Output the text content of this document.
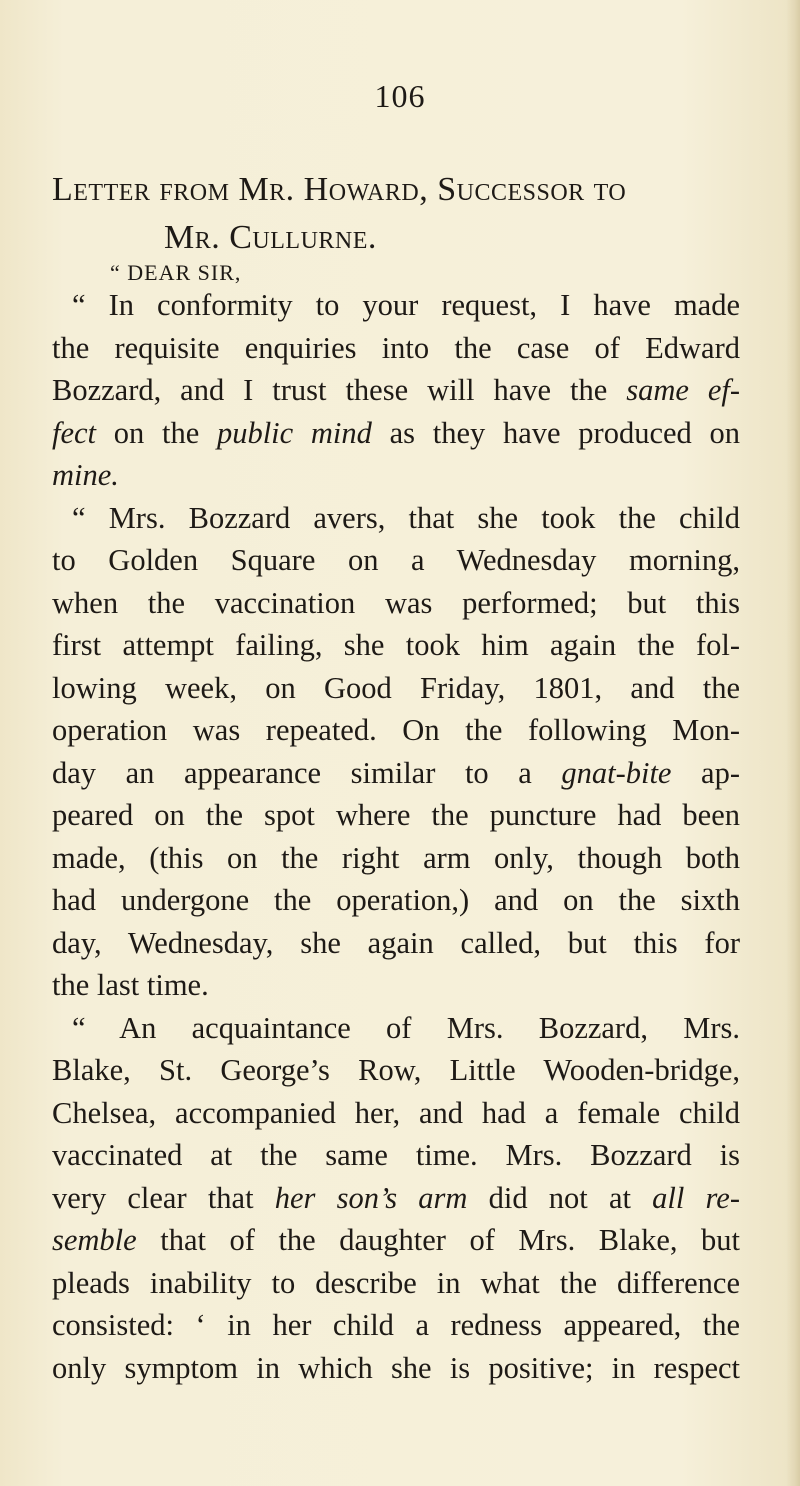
106
Letter from Mr. Howard, Successor to
Mr. Cullurne.
“ DEAR SIR,
“ In conformity to your request, I have made
the requisite enquiries into the case of Edward
Bozzard, and I trust these will have the same ef-
fect on the public mind as they have produced on
mine.
“ Mrs. Bozzard avers, that she took the child
to Golden Square on a Wednesday morning,
when the vaccination was performed; but this
first attempt failing, she took him again the fol-
lowing week, on Good Friday, 1801, and the
operation was repeated. On the following Mon-
day an appearance similar to a gnat-bite ap-
peared on the spot where the puncture had been
made, (this on the right arm only, though both
had undergone the operation,) and on the sixth
day, Wednesday, she again called, but this for
the last time.
“ An acquaintance of Mrs. Bozzard, Mrs.
Blake, St. George’s Row, Little Wooden-bridge,
Chelsea, accompanied her, and had a female child
vaccinated at the same time. Mrs. Bozzard is
very clear that her son’s arm did not at all re-
semble that of the daughter of Mrs. Blake, but
pleads inability to describe in what the difference
consisted: ‘ in her child a redness appeared, the
only symptom in which she is positive; in respect
